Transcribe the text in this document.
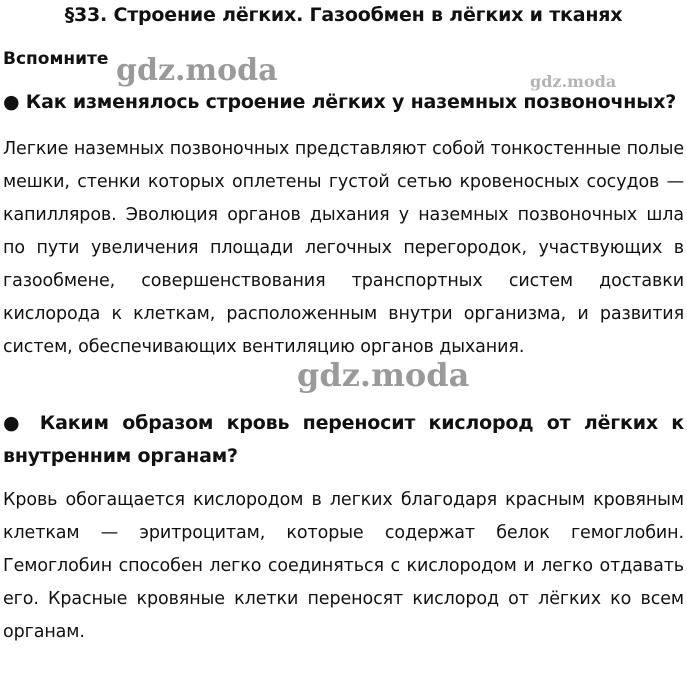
§33. Строение лёгких. Газообмен в лёгких и тканях
Вспомните
● Как изменялось строение лёгких у наземных позвоночных?
Легкие наземных позвоночных представляют собой тонкостенные полые мешки, стенки которых оплетены густой сетью кровеносных сосудов — капилляров. Эволюция органов дыхания у наземных позвоночных шла по пути увеличения площади легочных перегородок, участвующих в газообмене, совершенствования транспортных систем доставки кислорода к клеткам, расположенным внутри организма, и развития систем, обеспечивающих вентиляцию органов дыхания.
● Каким образом кровь переносит кислород от лёгких к внутренним органам?
Кровь обогащается кислородом в легких благодаря красным кровяным клеткам — эритроцитам, которые содержат белок гемоглобин. Гемоглобин способен легко соединяться с кислородом и легко отдавать его. Красные кровяные клетки переносят кислород от лёгких ко всем органам.
gdz.moda	gdz.moda
gdz.moda
